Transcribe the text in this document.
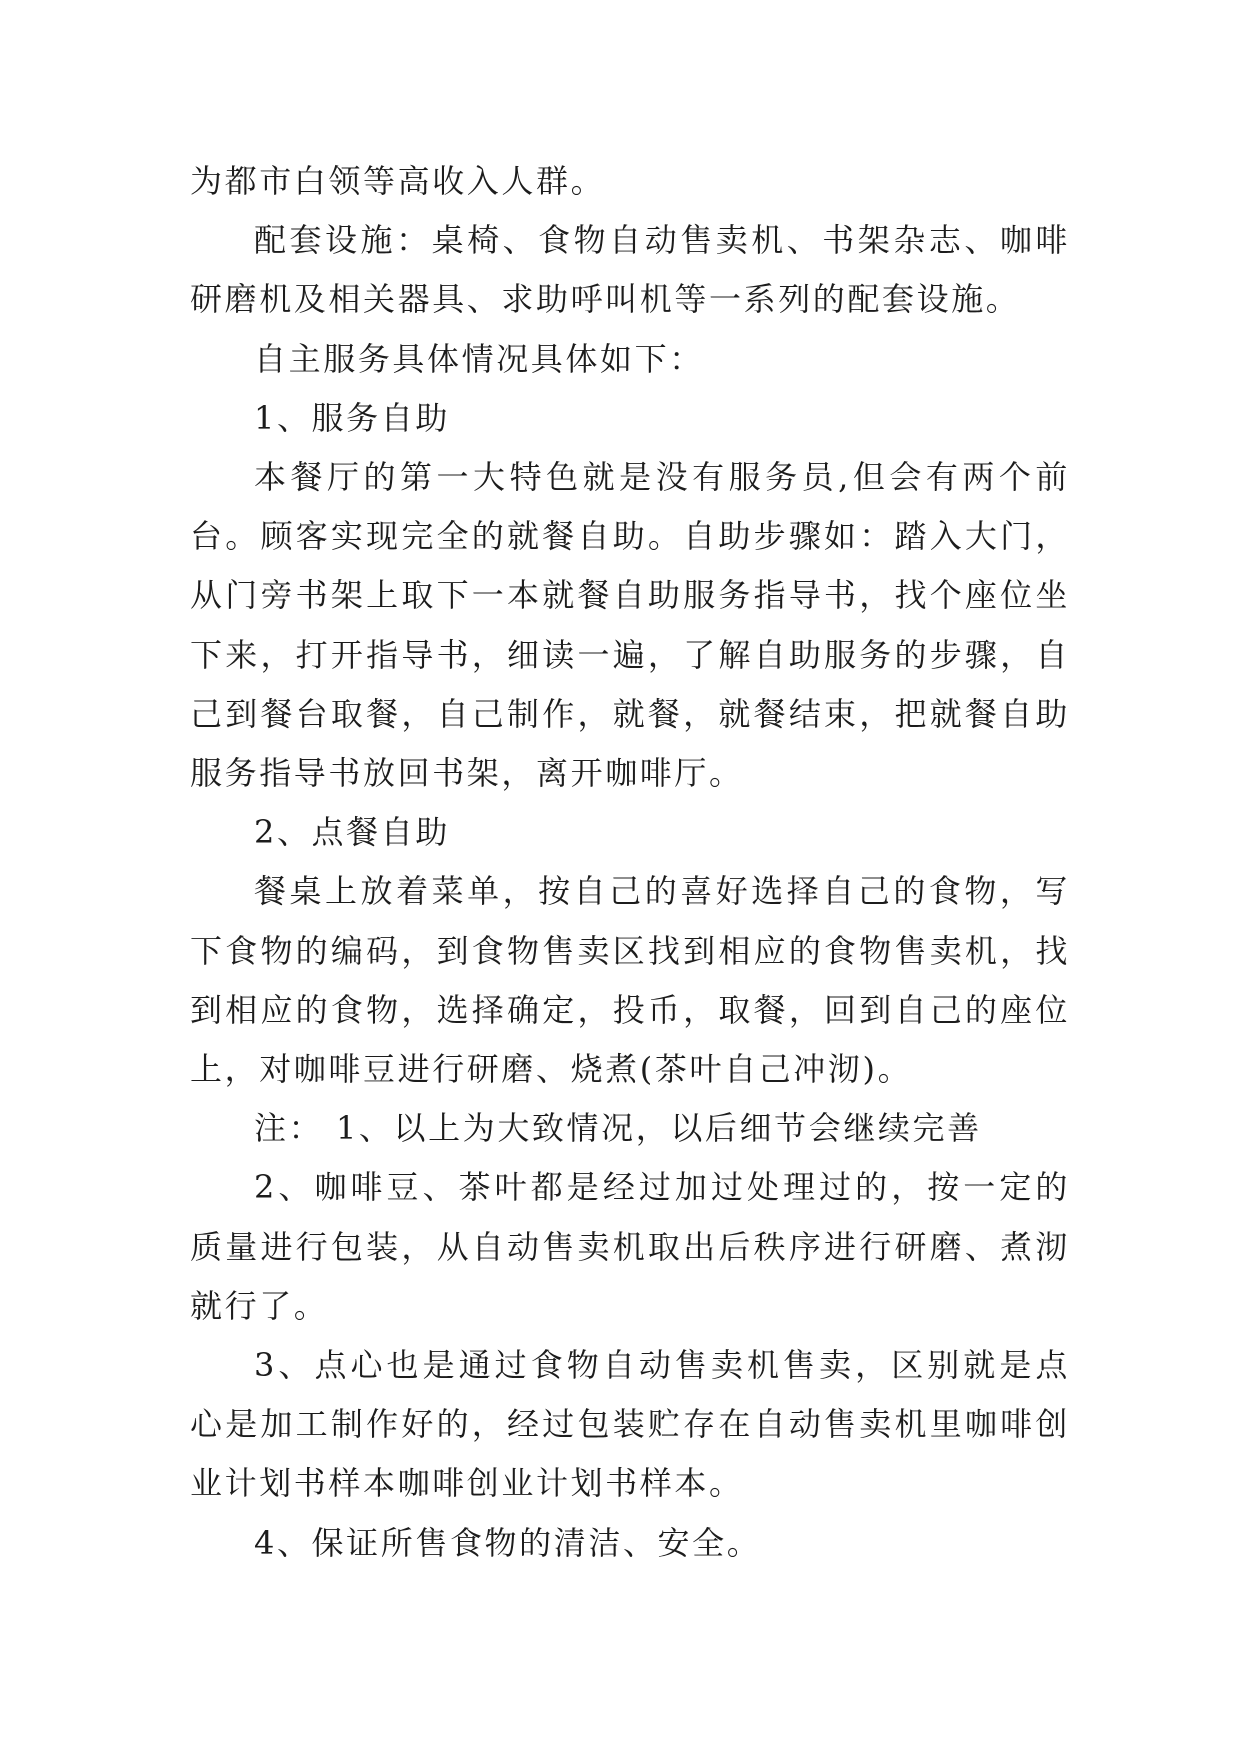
为都市白领等高收入人群。

配套设施：桌椅、食物自动售卖机、书架杂志、咖啡研磨机及相关器具、求助呼叫机等一系列的配套设施。

自主服务具体情况具体如下：

1、服务自助

本餐厅的第一大特色就是没有服务员,但会有两个前台。顾客实现完全的就餐自助。自助步骤如：踏入大门，从门旁书架上取下一本就餐自助服务指导书，找个座位坐下来，打开指导书，细读一遍，了解自助服务的步骤，自己到餐台取餐，自己制作，就餐，就餐结束，把就餐自助服务指导书放回书架，离开咖啡厅。

2、点餐自助

餐桌上放着菜单，按自己的喜好选择自己的食物，写下食物的编码，到食物售卖区找到相应的食物售卖机，找到相应的食物，选择确定，投币，取餐，回到自己的座位上，对咖啡豆进行研磨、烧煮(茶叶自己冲沏)。

注： 1、以上为大致情况，以后细节会继续完善

2、咖啡豆、茶叶都是经过加过处理过的，按一定的质量进行包装，从自动售卖机取出后秩序进行研磨、煮沏就行了。

3、点心也是通过食物自动售卖机售卖，区别就是点心是加工制作好的，经过包装贮存在自动售卖机里咖啡创业计划书样本咖啡创业计划书样本。

4、保证所售食物的清洁、安全。
